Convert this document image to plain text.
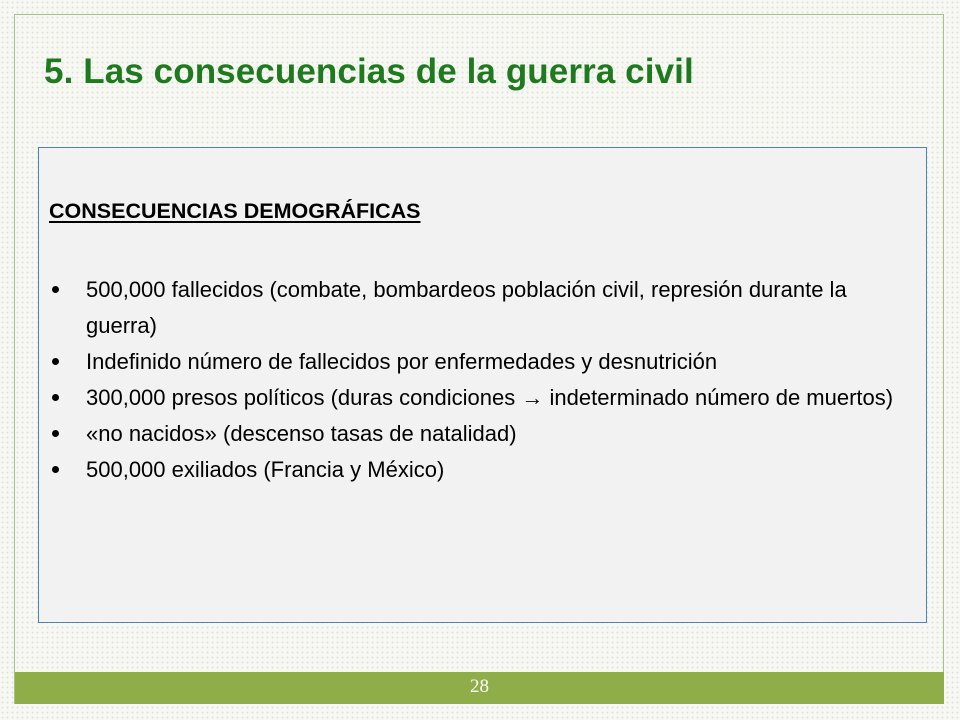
5. Las consecuencias de la guerra civil
CONSECUENCIAS DEMOGRÁFICAS
500,000 fallecidos (combate, bombardeos población civil, represión durante la guerra)
Indefinido número de fallecidos por enfermedades y desnutrición
300,000 presos políticos (duras condiciones → indeterminado número de muertos)
«no nacidos» (descenso tasas de natalidad)
500,000 exiliados (Francia y México)
28
